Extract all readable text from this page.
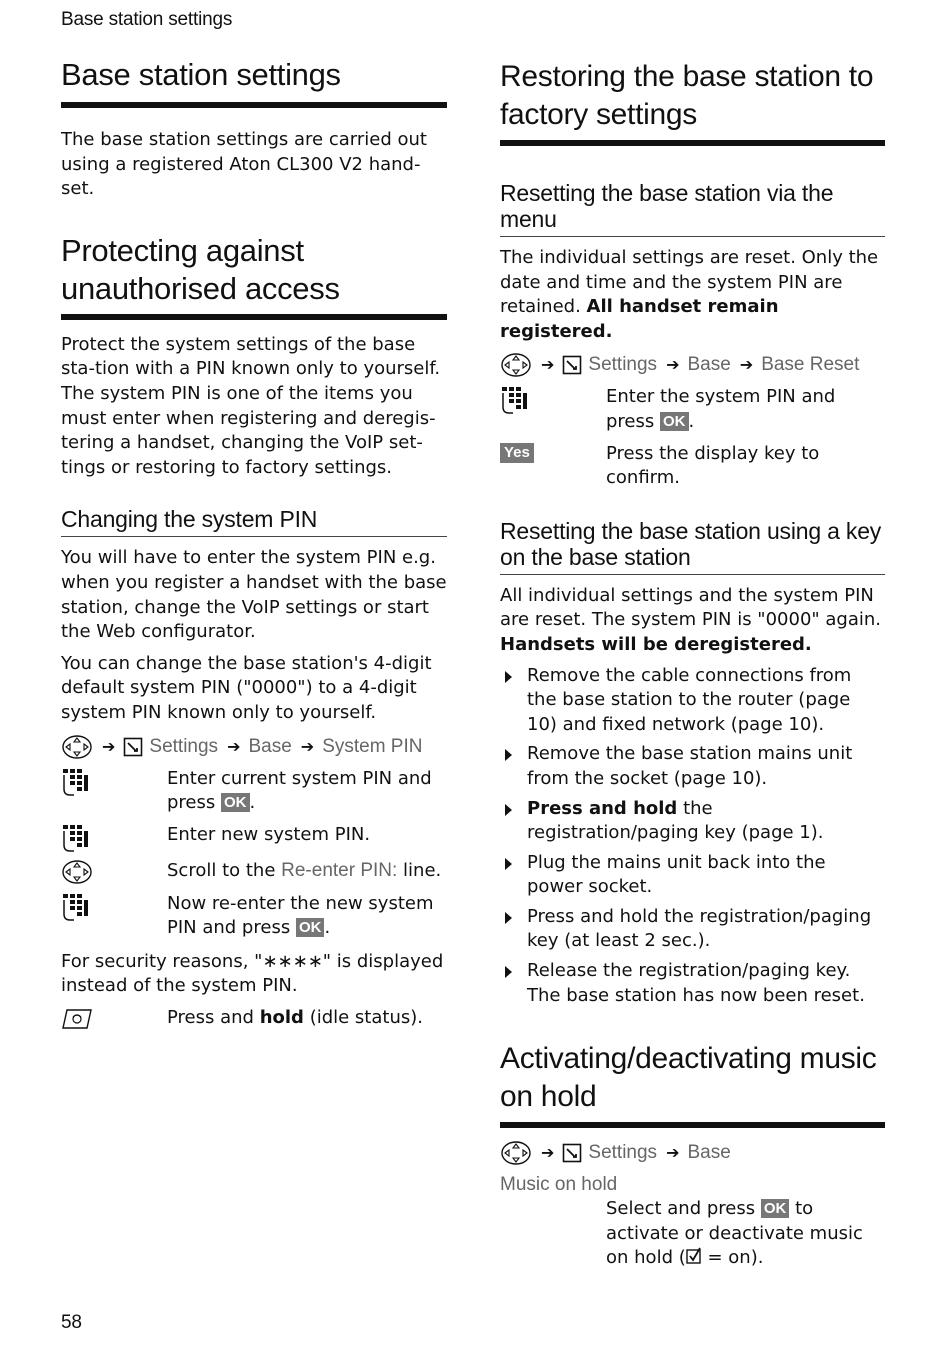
Base station settings
Base station settings

The base station settings are carried out using a registered Aton CL300 V2 hand-set.

Protecting against unauthorised access

Protect the system settings of the base sta-tion with a PIN known only to yourself. The system PIN is one of the items you must enter when registering and deregis-tering a handset, changing the VoIP set-tings or restoring to factory settings.

Changing the system PIN

You will have to enter the system PIN e.g. when you register a handset with the base station, change the VoIP settings or start the Web configurator.

You can change the base station's 4-digit default system PIN ("0000") to a 4-digit system PIN known only to yourself.

➔ Settings ➔ Base ➔ System PIN
Enter current system PIN and press OK .
Enter new system PIN.
Scroll to the Re-enter PIN: line.
Now re-enter the new system PIN and press OK .

For security reasons, "∗∗∗∗" is displayed instead of the system PIN.

Press and hold (idle status).
Restoring the base station to factory settings
Resetting the base station via the menu

The individual settings are reset. Only the date and time and the system PIN are retained. All handset remain registered.

➔ Settings ➔ Base ➔ Base Reset
Enter the system PIN and press OK .
Yes	Press the display key to confirm.
Resetting the base station using a key on the base station

All individual settings and the system PIN are reset. The system PIN is "0000" again. Handsets will be deregistered.

Remove the cable connections from the base station to the router (page 10) and fixed network (page 10).
Remove the base station mains unit from the socket (page 10).
Press and hold the registration/paging key (page 1).
Plug the mains unit back into the power socket.
Press and hold the registration/paging key (at least 2 sec.).
Release the registration/paging key. The base station has now been reset.
Activating/deactivating music on hold
➔ Settings ➔ Base
Music on hold

Select and press OK to activate or deactivate music on hold ( = on).

58
